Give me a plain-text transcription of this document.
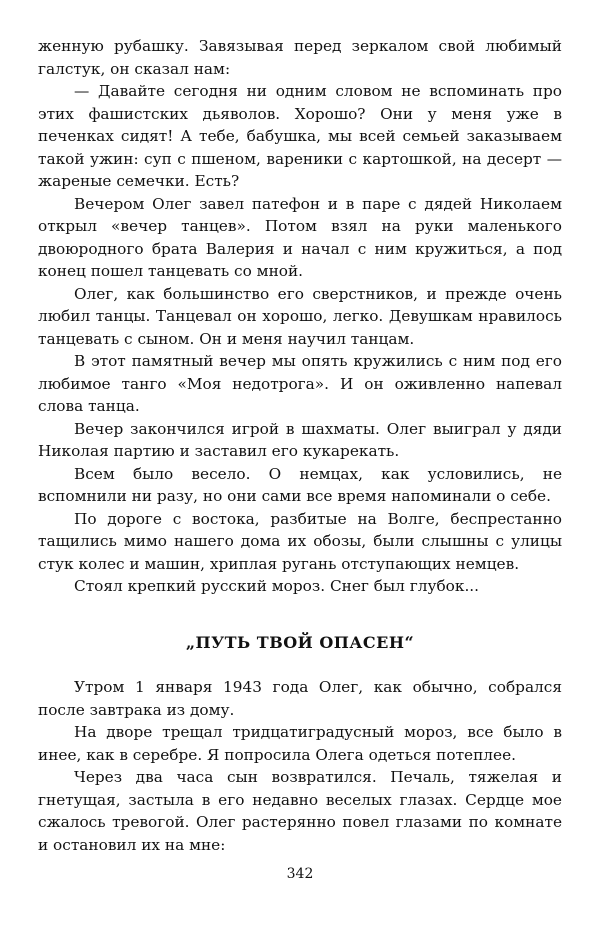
женную рубашку. Завязывая перед зеркалом свой любимый галстук, он сказал нам:

— Давайте сегодня ни одним словом не вспоминать про этих фашистских дьяволов. Хорошо? Они у меня уже в печенках сидят! А тебе, бабушка, мы всей семьей заказываем такой ужин: суп с пшеном, вареники с картошкой, на десерт — жареные семечки. Есть?

Вечером Олег завел патефон и в паре с дядей Николаем открыл «вечер танцев». Потом взял на руки маленького двоюродного брата Валерия и начал с ним кружиться, а под конец пошел танцевать со мной.

Олег, как большинство его сверстников, и прежде очень любил танцы. Танцевал он хорошо, легко. Девушкам нравилось танцевать с сыном. Он и меня научил танцам.

В этот памятный вечер мы опять кружились с ним под его любимое танго «Моя недотрога». И он оживленно напевал слова танца.

Вечер закончился игрой в шахматы. Олег выиграл у дяди Николая партию и заставил его кукарекать.

Всем было весело. О немцах, как условились, не вспомнили ни разу, но они сами все время напоминали о себе.

По дороге с востока, разбитые на Волге, беспрестанно тащились мимо нашего дома их обозы, были слышны с улицы стук колес и машин, хриплая ругань отступающих немцев.

Стоял крепкий русский мороз. Снег был глубок...

„ПУТЬ ТВОЙ ОПАСЕН“

Утром 1 января 1943 года Олег, как обычно, собрался после завтрака из дому.

На дворе трещал тридцатиградусный мороз, все было в инее, как в серебре. Я попросила Олега одеться потеплее.

Через два часа сын возвратился. Печаль, тяжелая и гнетущая, застыла в его недавно веселых глазах. Сердце мое сжалось тревогой. Олег растерянно повел глазами по комнате и остановил их на мне:

342
